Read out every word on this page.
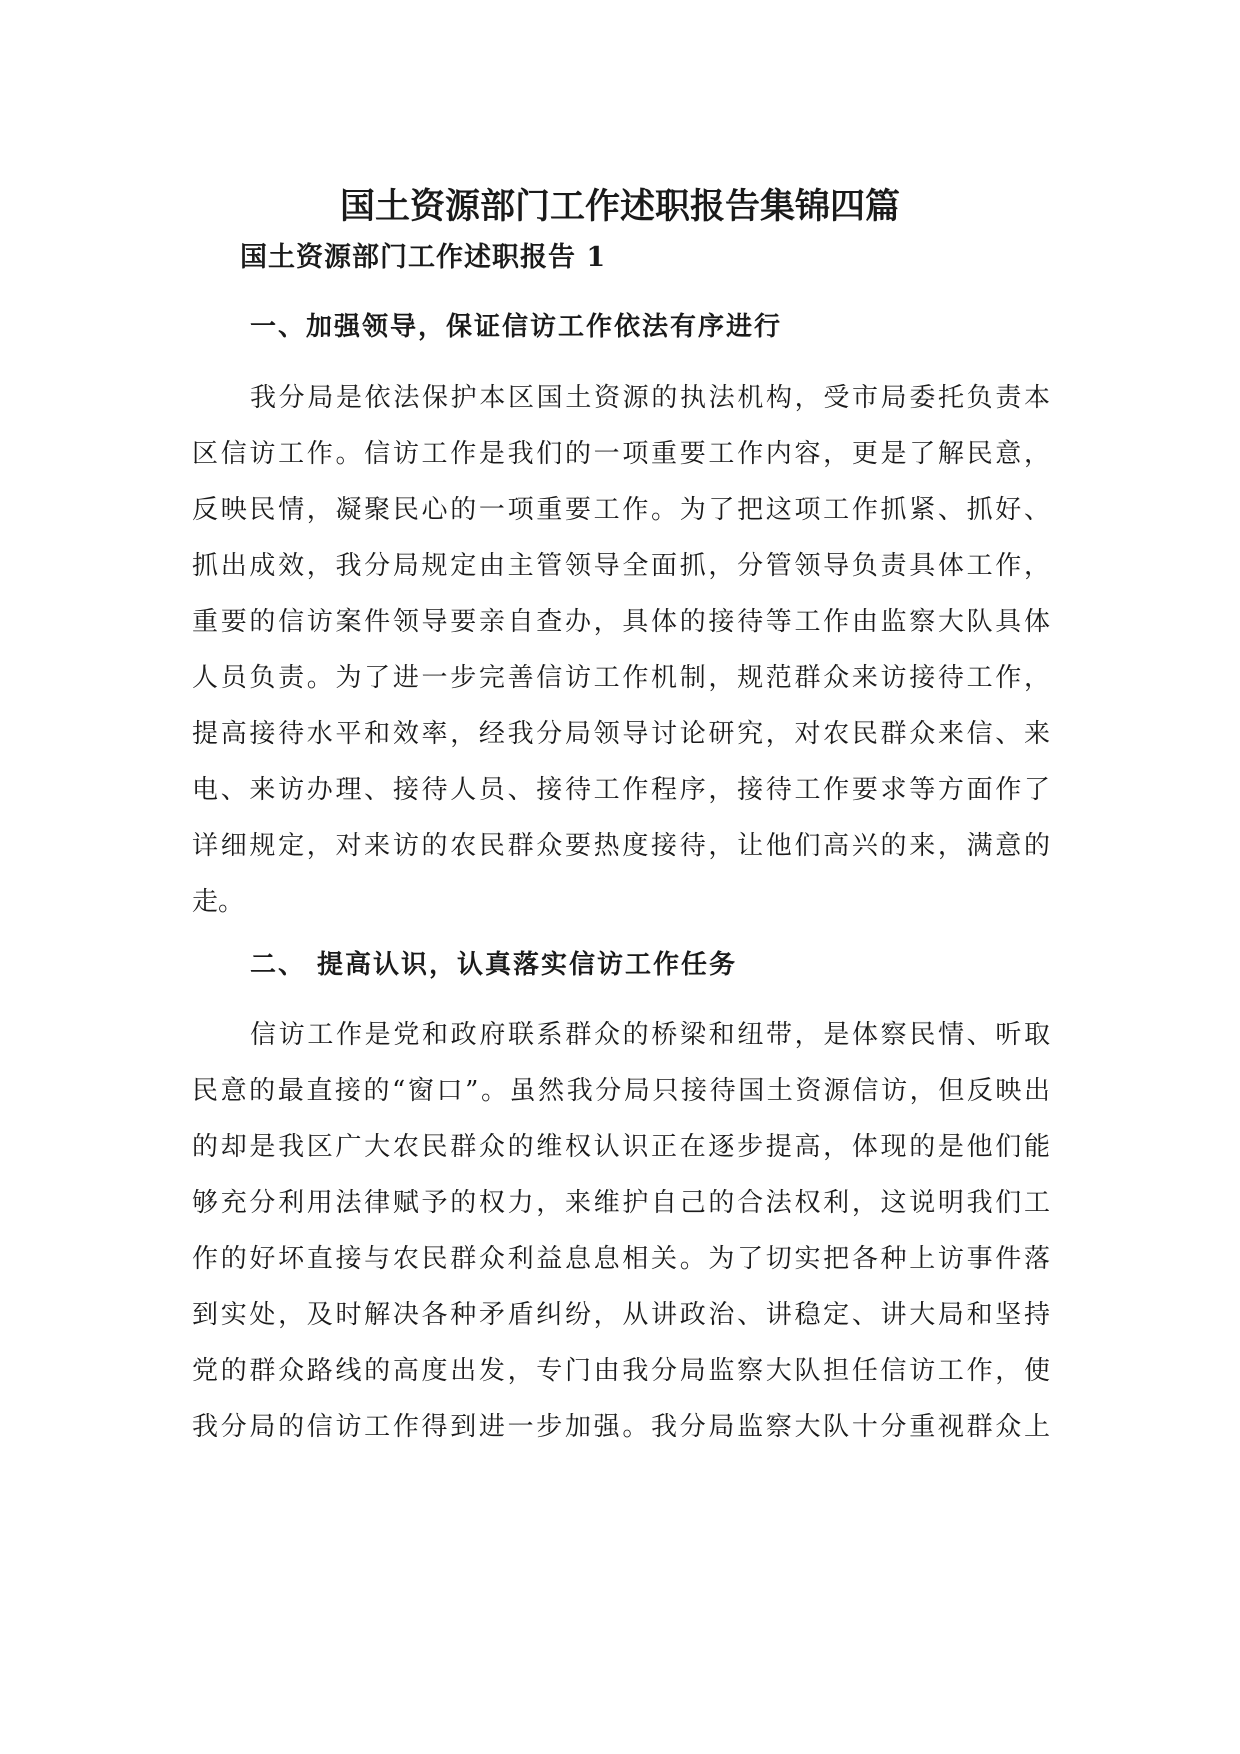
国土资源部门工作述职报告集锦四篇
国土资源部门工作述职报告 1
一、加强领导，保证信访工作依法有序进行
我分局是依法保护本区国土资源的执法机构，受市局委托负责本
区信访工作。信访工作是我们的一项重要工作内容，更是了解民意，
反映民情，凝聚民心的一项重要工作。为了把这项工作抓紧、抓好、
抓出成效，我分局规定由主管领导全面抓，分管领导负责具体工作，
重要的信访案件领导要亲自查办，具体的接待等工作由监察大队具体
人员负责。为了进一步完善信访工作机制，规范群众来访接待工作，
提高接待水平和效率，经我分局领导讨论研究，对农民群众来信、来
电、来访办理、接待人员、接待工作程序，接待工作要求等方面作了
详细规定，对来访的农民群众要热度接待，让他们高兴的来，满意的
走。
二、 提高认识，认真落实信访工作任务
信访工作是党和政府联系群众的桥梁和纽带，是体察民情、听取
民意的最直接的“窗口”。虽然我分局只接待国土资源信访，但反映出
的却是我区广大农民群众的维权认识正在逐步提高，体现的是他们能
够充分利用法律赋予的权力，来维护自己的合法权利，这说明我们工
作的好坏直接与农民群众利益息息相关。为了切实把各种上访事件落
到实处，及时解决各种矛盾纠纷，从讲政治、讲稳定、讲大局和坚持
党的群众路线的高度出发，专门由我分局监察大队担任信访工作，使
我分局的信访工作得到进一步加强。我分局监察大队十分重视群众上
